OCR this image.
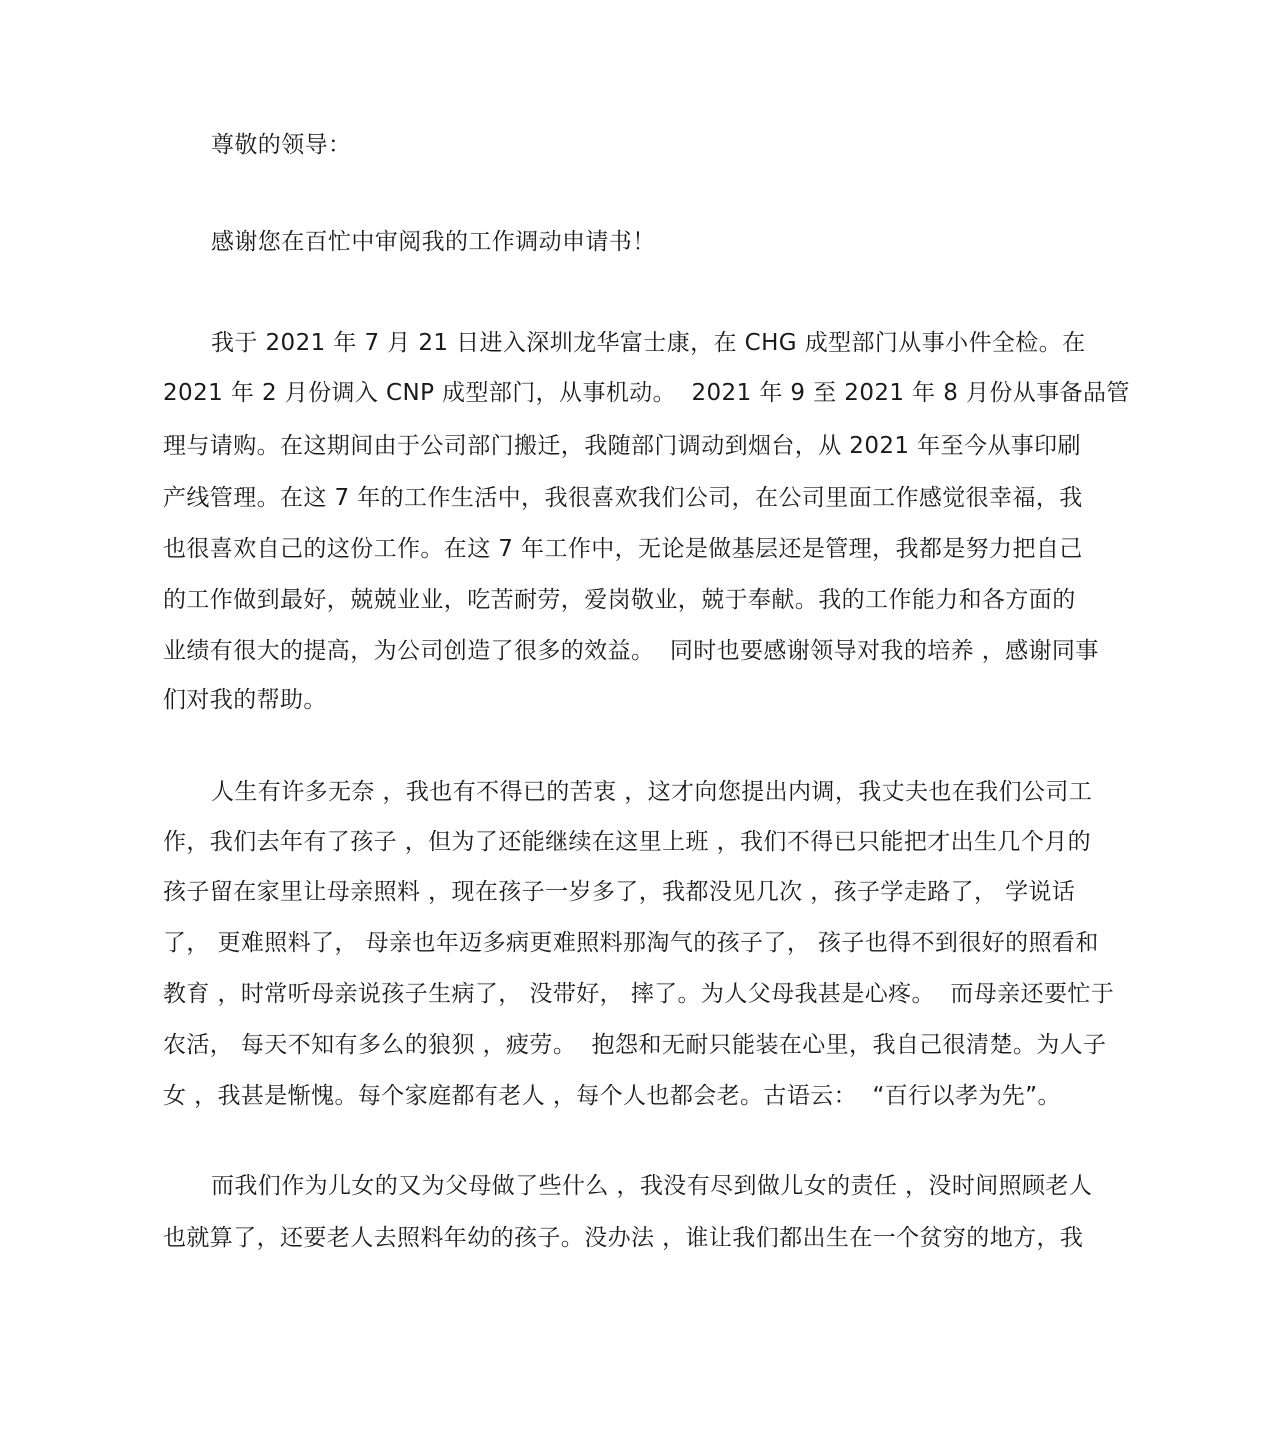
尊敬的领导：
感谢您在百忙中审阅我的工作调动申请书！
我于 2021 年 7 月 21 日进入深圳龙华富士康，在 CHG 成型部门从事小件全检。在
2021 年 2 月份调入 CNP 成型部门，从事机动。  2021 年 9 至 2021 年 8 月份从事备品管
理与请购。在这期间由于公司部门搬迁，我随部门调动到烟台，从 2021 年至今从事印刷
产线管理。在这 7 年的工作生活中，我很喜欢我们公司，在公司里面工作感觉很幸福，我
也很喜欢自己的这份工作。在这 7 年工作中，无论是做基层还是管理，我都是努力把自己
的工作做到最好，兢兢业业，吃苦耐劳，爱岗敬业，兢于奉献。我的工作能力和各方面的
业绩有很大的提高，为公司创造了很多的效益。  同时也要感谢领导对我的培养 ，感谢同事
们对我的帮助。
人生有许多无奈 ，我也有不得已的苦衷 ，这才向您提出内调，我丈夫也在我们公司工
作，我们去年有了孩子 ，但为了还能继续在这里上班 ，我们不得已只能把才出生几个月的
孩子留在家里让母亲照料 ，现在孩子一岁多了，我都没见几次 ，孩子学走路了， 学说话
了， 更难照料了， 母亲也年迈多病更难照料那淘气的孩子了， 孩子也得不到很好的照看和
教育 ，时常听母亲说孩子生病了， 没带好， 摔了。为人父母我甚是心疼。  而母亲还要忙于
农活， 每天不知有多么的狼狈 ，疲劳。  抱怨和无耐只能装在心里，我自己很清楚。为人子
女 ，我甚是惭愧。每个家庭都有老人 ，每个人也都会老。古语云：  “百行以孝为先”。
而我们作为儿女的又为父母做了些什么 ，我没有尽到做儿女的责任 ，没时间照顾老人
也就算了，还要老人去照料年幼的孩子。没办法 ，谁让我们都出生在一个贫穷的地方，我
